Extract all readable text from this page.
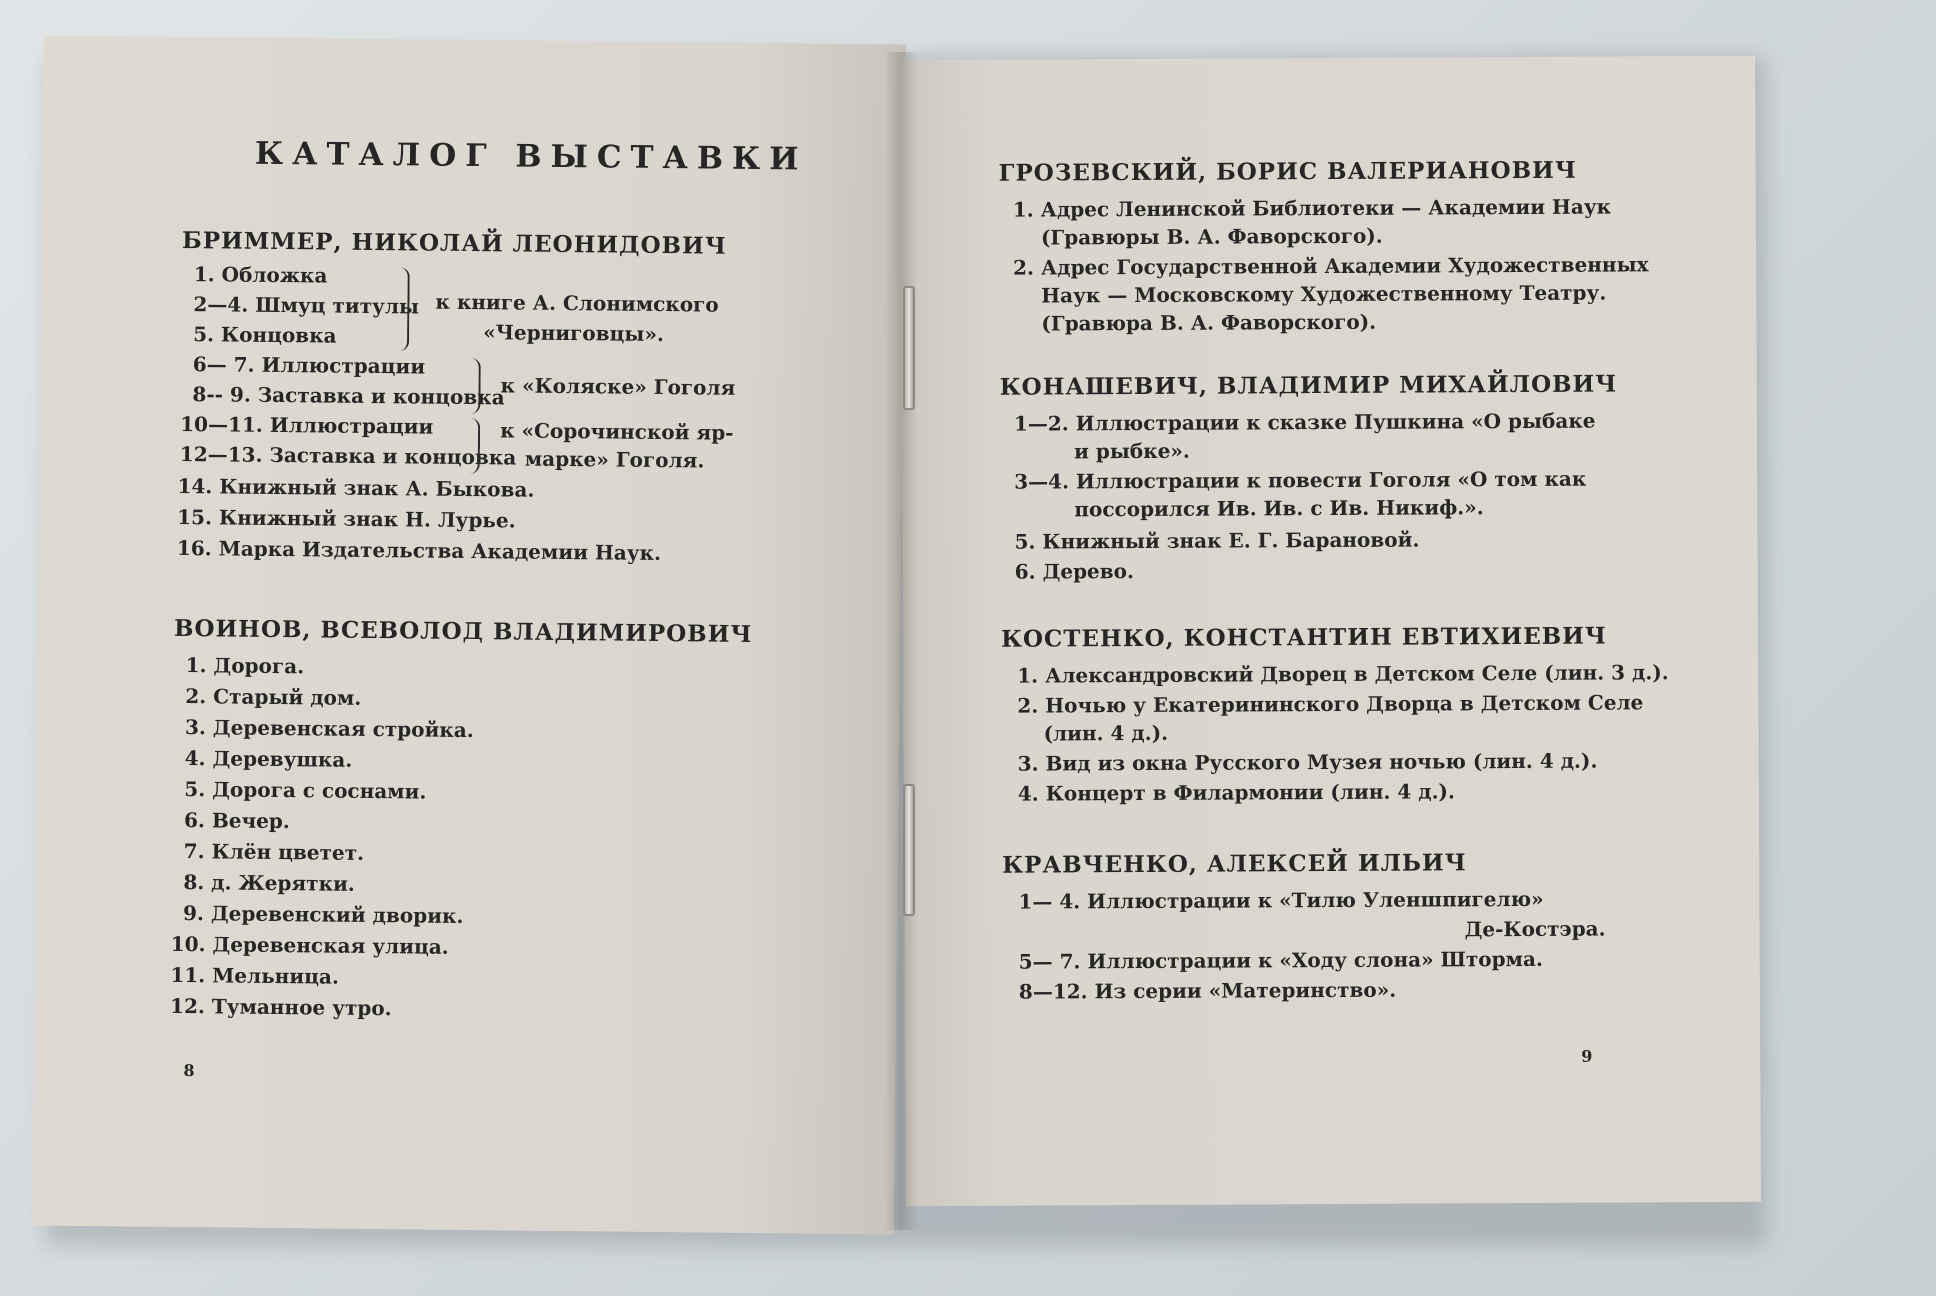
КАТАЛОГ ВЫСТАВКИ
БРИММЕР, НИКОЛАЙ ЛЕОНИДОВИЧ

1. Обложка

2—4. Шмуц титулы

5. Концовка

к книге А. Слонимского

«Черниговцы».

6— 7. Иллюстрации

8-- 9. Заставка и концовка

к «Коляске» Гоголя

10—11. Иллюстрации

12—13. Заставка и концовка

к «Сорочинской яр-

марке» Гоголя.

14. Книжный знак А. Быкова.

15. Книжный знак Н. Лурье.

16. Марка Издательства Академии Наук.

ВОИНОВ, ВСЕВОЛОД ВЛАДИМИРОВИЧ

1. Дорога.

2. Старый дом.

3. Деревенская стройка.

4. Деревушка.

5. Дорога с соснами.

6. Вечер.

7. Клён цветет.

8. д. Жерятки.

9. Деревенский дворик.

10. Деревенская улица.

11. Мельница.

12. Туманное утро.

8
ГРОЗЕВСКИЙ, БОРИС ВАЛЕРИАНОВИЧ

1. Адрес Ленинской Библиотеки — Академии Наук

(Гравюры В. А. Фаворского).

2. Адрес Государственной Академии Художественных

Наук — Московскому Художественному Театру.

(Гравюра В. А. Фаворского).

КОНАШЕВИЧ, ВЛАДИМИР МИХАЙЛОВИЧ

1—2. Иллюстрации к сказке Пушкина «О рыбаке

и рыбке».

3—4. Иллюстрации к повести Гоголя «О том как

поссорился Ив. Ив. с Ив. Никиф.».

5. Книжный знак Е. Г. Барановой.

6. Дерево.

КОСТЕНКО, КОНСТАНТИН ЕВТИХИЕВИЧ

1. Александровский Дворец в Детском Селе (лин. 3 д.).

2. Ночью у Екатерининского Дворца в Детском Селе

(лин. 4 д.).

3. Вид из окна Русского Музея ночью (лин. 4 д.).

4. Концерт в Филармонии (лин. 4 д.).

КРАВЧЕНКО, АЛЕКСЕЙ ИЛЬИЧ

1— 4. Иллюстрации к «Тилю Уленшпигелю»

Де-Костэра.

5— 7. Иллюстрации к «Ходу слона» Шторма.

8—12. Из серии «Материнство».

9
